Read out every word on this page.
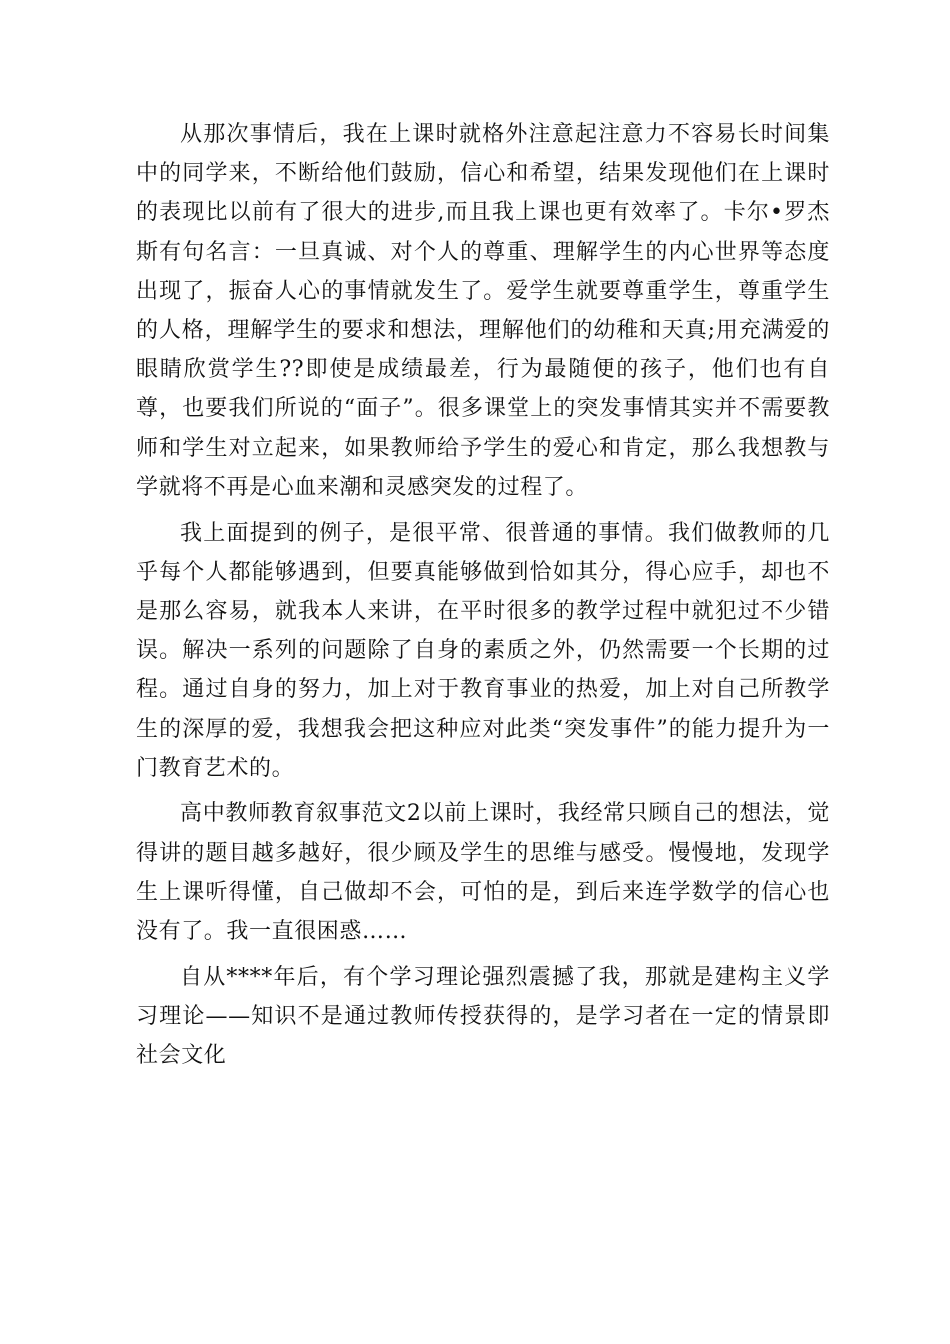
从那次事情后，我在上课时就格外注意起注意力不容易长时间集中的同学来，不断给他们鼓励，信心和希望，结果发现他们在上课时的表现比以前有了很大的进步,而且我上课也更有效率了。卡尔•罗杰斯有句名言：一旦真诚、对个人的尊重、理解学生的内心世界等态度出现了，振奋人心的事情就发生了。爱学生就要尊重学生，尊重学生的人格，理解学生的要求和想法，理解他们的幼稚和天真;用充满爱的眼睛欣赏学生??即使是成绩最差，行为最随便的孩子，他们也有自尊，也要我们所说的“面子”。很多课堂上的突发事情其实并不需要教师和学生对立起来，如果教师给予学生的爱心和肯定，那么我想教与学就将不再是心血来潮和灵感突发的过程了。

我上面提到的例子，是很平常、很普通的事情。我们做教师的几乎每个人都能够遇到，但要真能够做到恰如其分，得心应手，却也不是那么容易，就我本人来讲，在平时很多的教学过程中就犯过不少错误。解决一系列的问题除了自身的素质之外，仍然需要一个长期的过程。通过自身的努力，加上对于教育事业的热爱，加上对自己所教学生的深厚的爱，我想我会把这种应对此类“突发事件”的能力提升为一门教育艺术的。

高中教师教育叙事范文2以前上课时，我经常只顾自己的想法，觉得讲的题目越多越好，很少顾及学生的思维与感受。慢慢地，发现学生上课听得懂，自己做却不会，可怕的是，到后来连学数学的信心也没有了。我一直很困惑……

自从****年后，有个学习理论强烈震撼了我，那就是建构主义学习理论——知识不是通过教师传授获得的，是学习者在一定的情景即社会文化
